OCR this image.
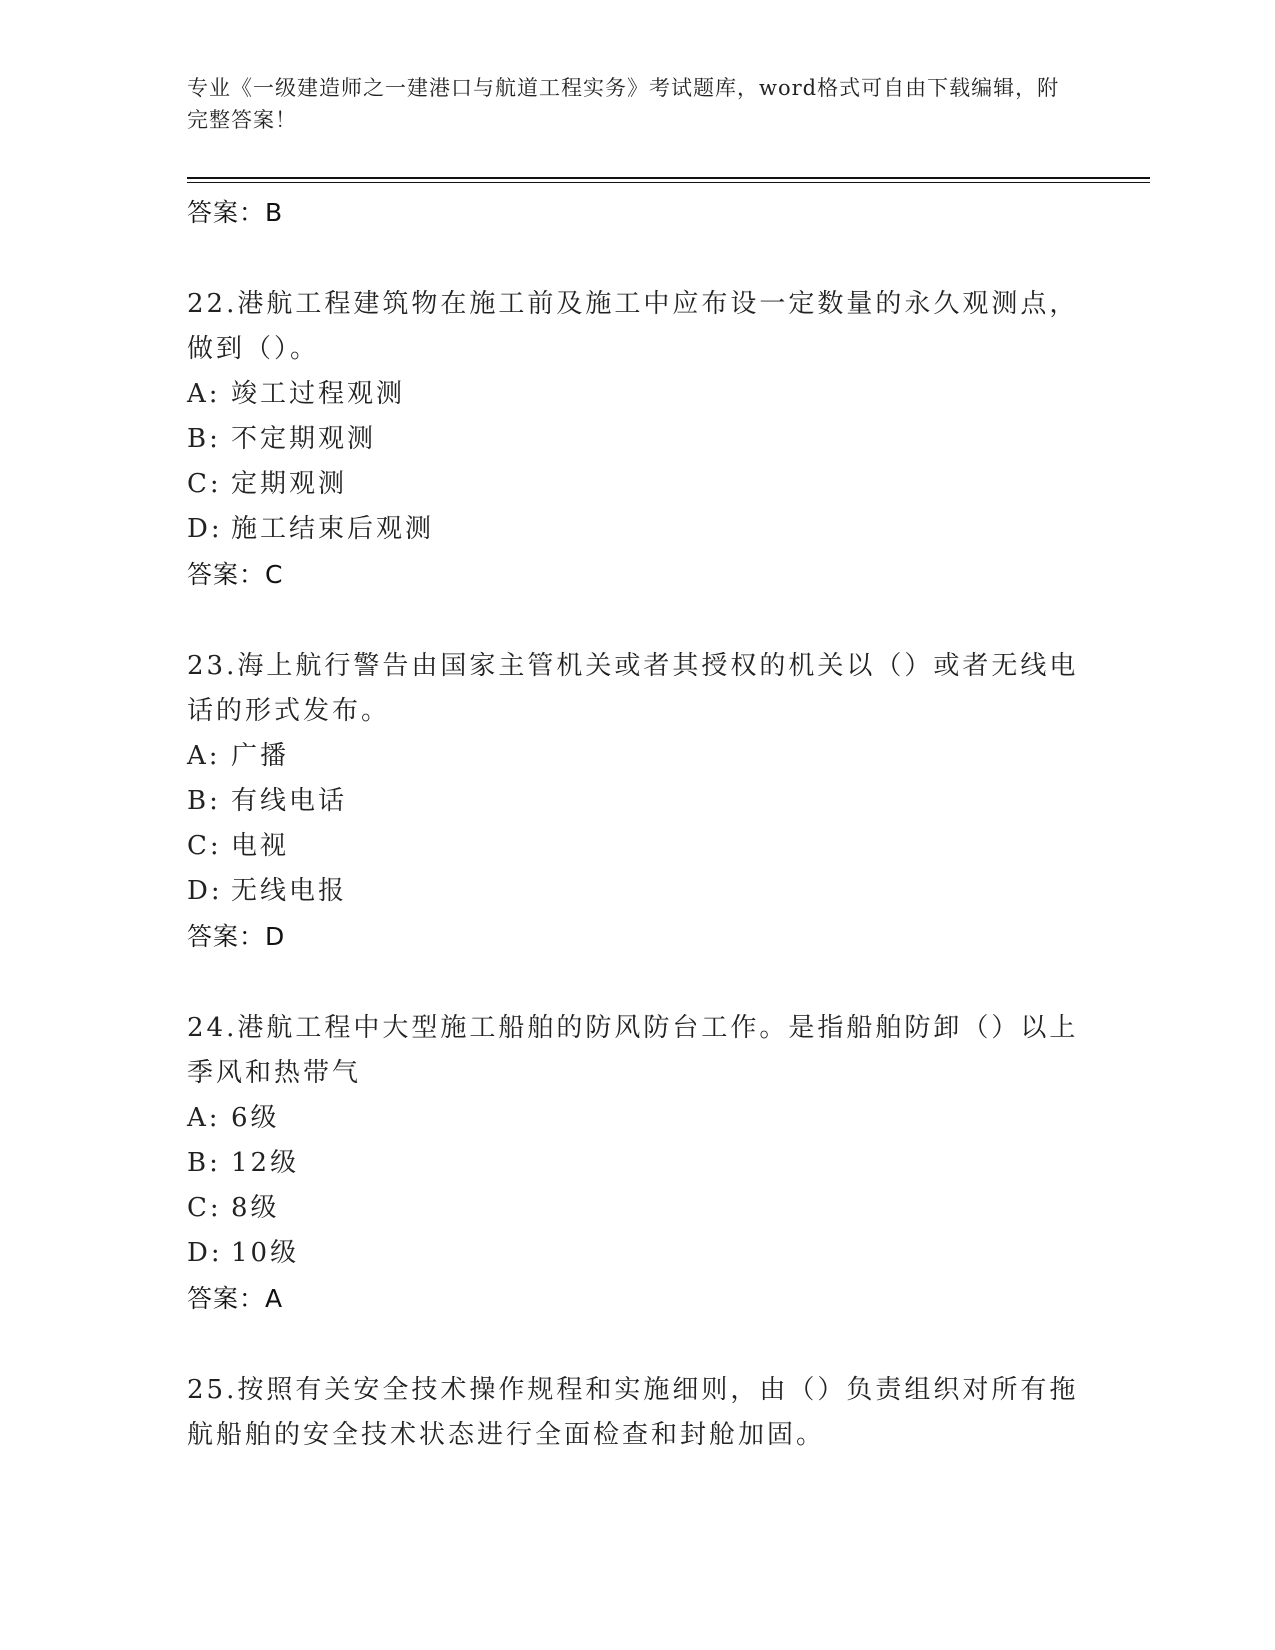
专业《一级建造师之一建港口与航道工程实务》考试题库，word格式可自由下载编辑，附完整答案！
答案：B
22.港航工程建筑物在施工前及施工中应布设一定数量的永久观测点，做到（）。
A: 竣工过程观测
B: 不定期观测
C: 定期观测
D: 施工结束后观测
答案：C
23.海上航行警告由国家主管机关或者其授权的机关以（）或者无线电话的形式发布。
A: 广播
B: 有线电话
C: 电视
D: 无线电报
答案：D
24.港航工程中大型施工船舶的防风防台工作。是指船舶防卸（）以上季风和热带气
A: 6级
B: 12级
C: 8级
D: 10级
答案：A
25.按照有关安全技术操作规程和实施细则，由（）负责组织对所有拖航船舶的安全技术状态进行全面检查和封舱加固。
